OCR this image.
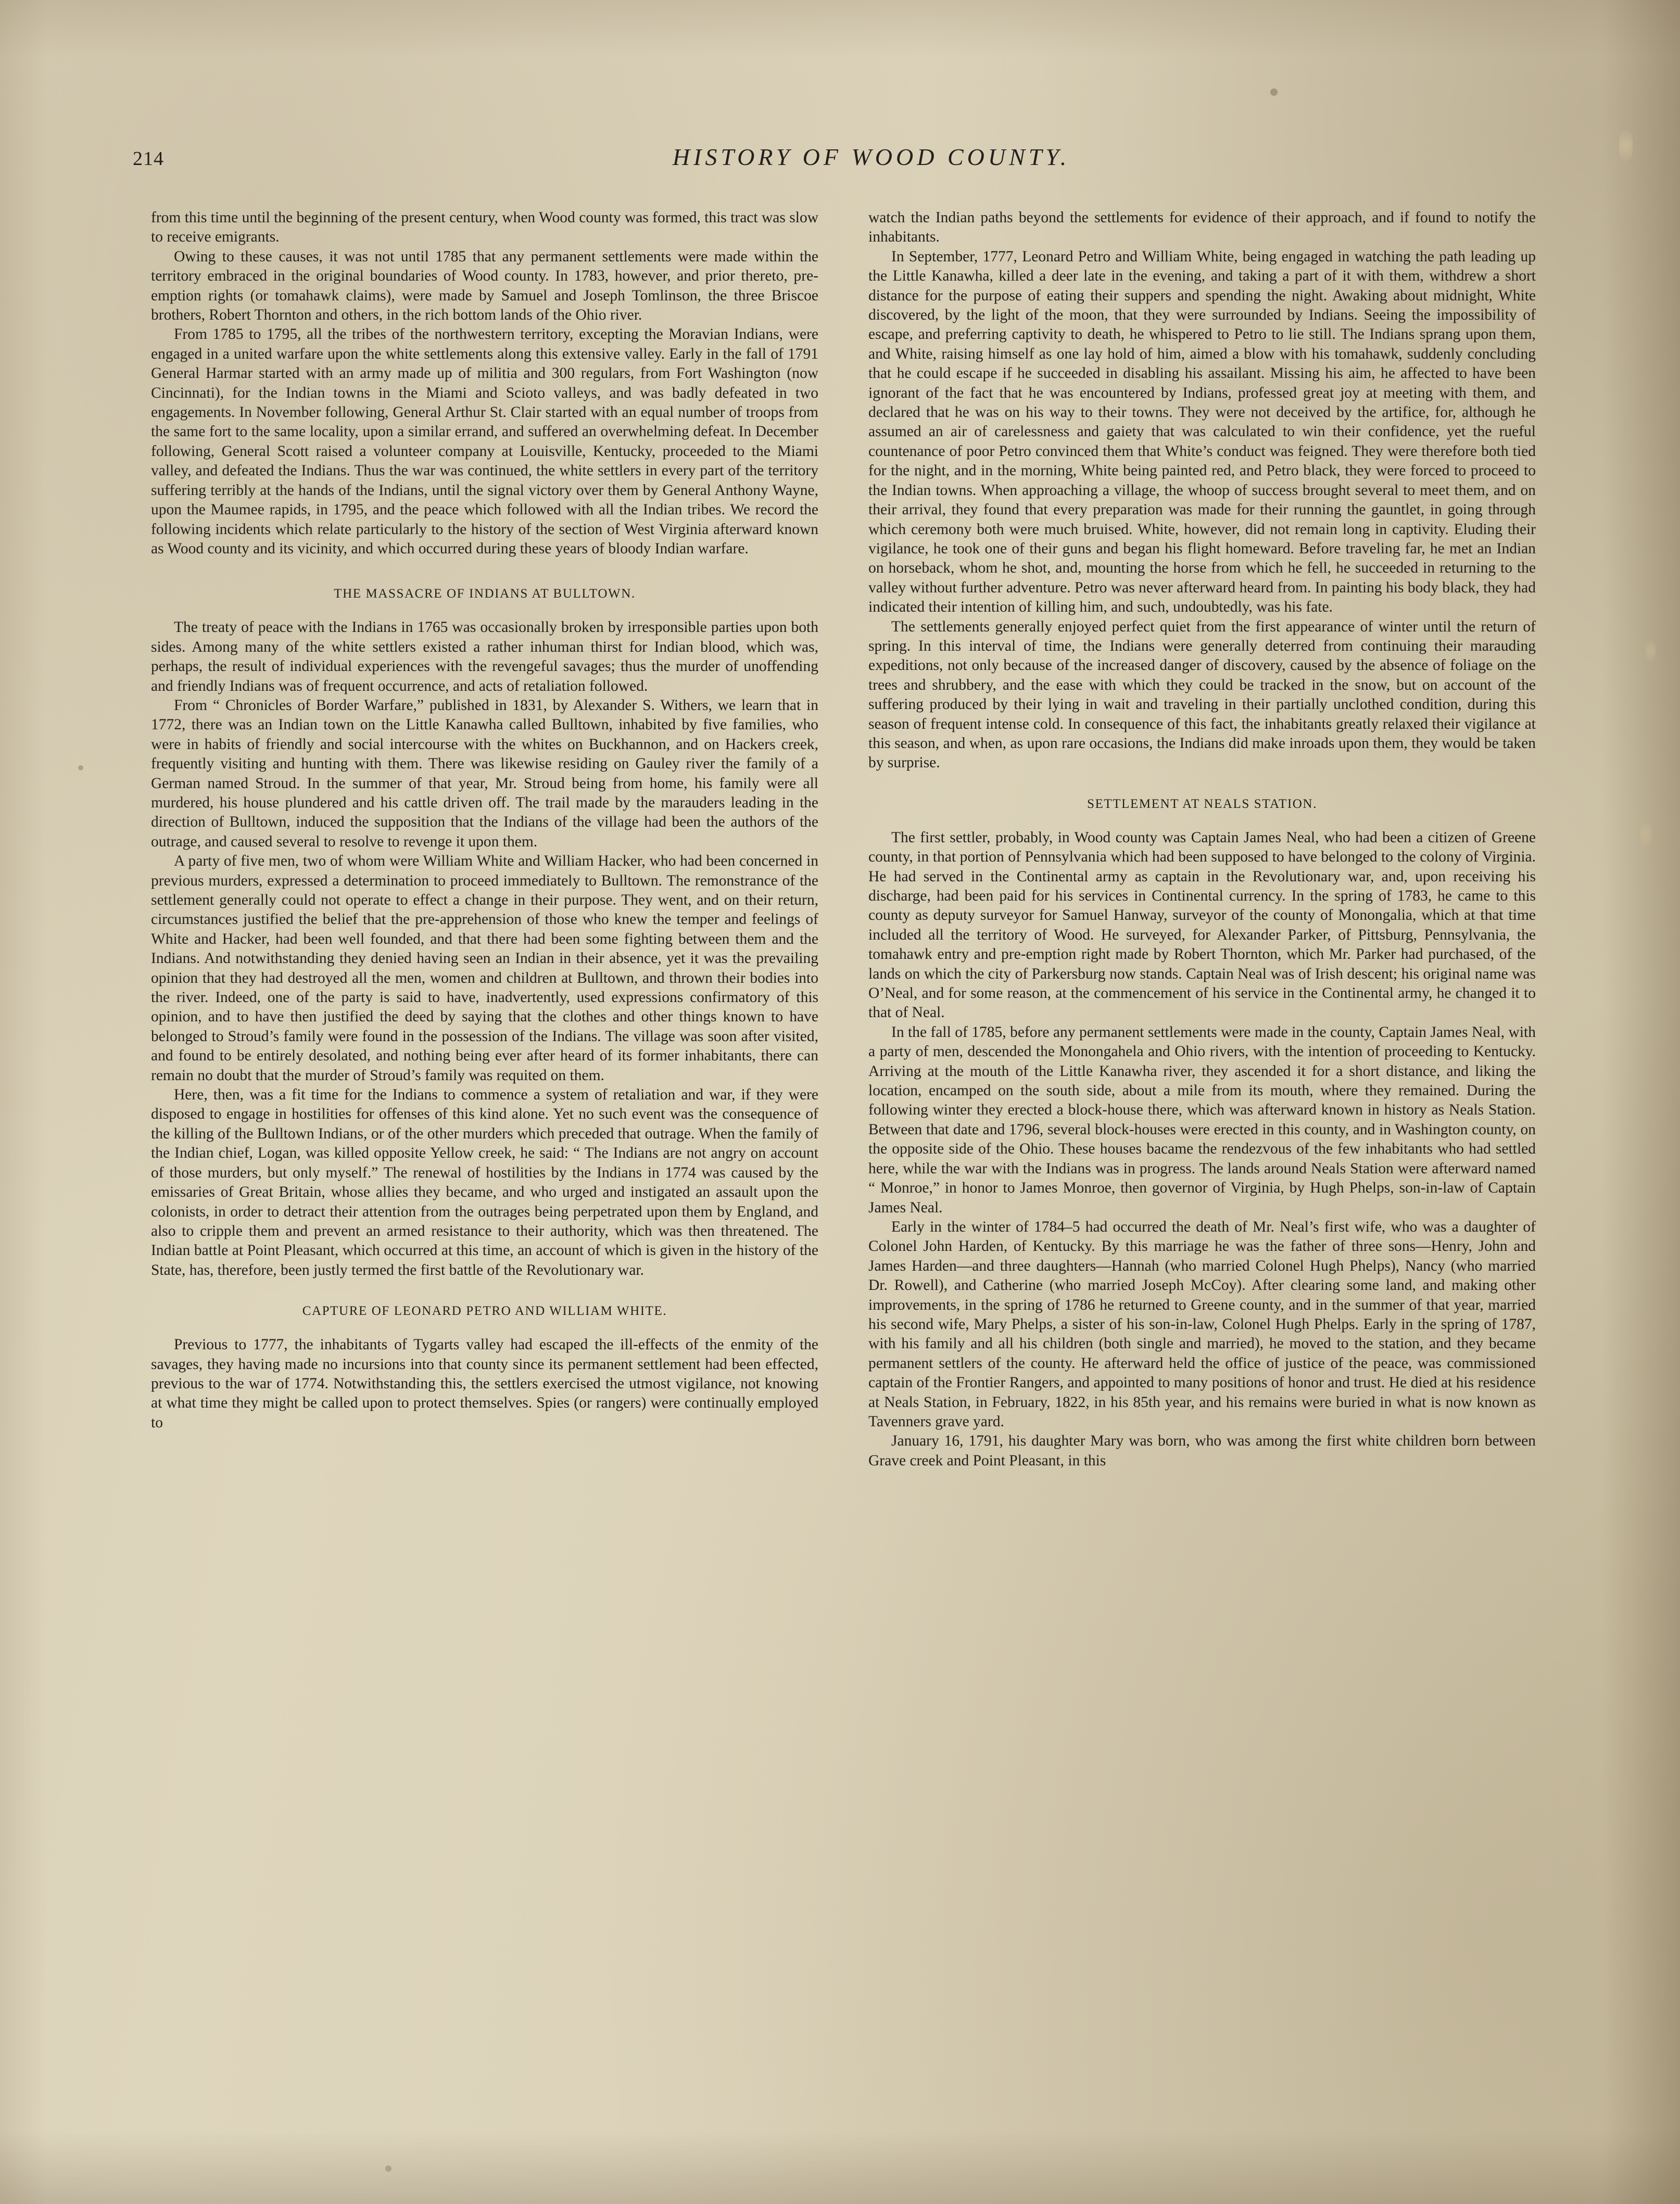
214	HISTORY OF WOOD COUNTY.

from this time until the beginning of the present century, when Wood county was formed, this tract was slow to receive emigrants.

Owing to these causes, it was not until 1785 that any permanent settlements were made within the territory embraced in the original boundaries of Wood county. In 1783, however, and prior thereto, pre-emption rights (or tomahawk claims), were made by Samuel and Joseph Tomlinson, the three Briscoe brothers, Robert Thornton and others, in the rich bottom lands of the Ohio river.

From 1785 to 1795, all the tribes of the northwestern territory, excepting the Moravian Indians, were engaged in a united warfare upon the white settlements along this extensive valley. Early in the fall of 1791 General Harmar started with an army made up of militia and 300 regulars, from Fort Washington (now Cincinnati), for the Indian towns in the Miami and Scioto valleys, and was badly defeated in two engagements. In November following, General Arthur St. Clair started with an equal number of troops from the same fort to the same locality, upon a similar errand, and suffered an overwhelming defeat. In December following, General Scott raised a volunteer company at Louisville, Kentucky, proceeded to the Miami valley, and defeated the Indians. Thus the war was continued, the white settlers in every part of the territory suffering terribly at the hands of the Indians, until the signal victory over them by General Anthony Wayne, upon the Maumee rapids, in 1795, and the peace which followed with all the Indian tribes. We record the following incidents which relate particularly to the history of the section of West Virginia afterward known as Wood county and its vicinity, and which occurred during these years of bloody Indian warfare.

THE MASSACRE OF INDIANS AT BULLTOWN.

The treaty of peace with the Indians in 1765 was occasionally broken by irresponsible parties upon both sides. Among many of the white settlers existed a rather inhuman thirst for Indian blood, which was, perhaps, the result of individual experiences with the revengeful savages; thus the murder of unoffending and friendly Indians was of frequent occurrence, and acts of retaliation followed.

From “ Chronicles of Border Warfare,” published in 1831, by Alexander S. Withers, we learn that in 1772, there was an Indian town on the Little Kanawha called Bulltown, inhabited by five families, who were in habits of friendly and social intercourse with the whites on Buckhannon, and on Hackers creek, frequently visiting and hunting with them. There was likewise residing on Gauley river the family of a German named Stroud. In the summer of that year, Mr. Stroud being from home, his family were all murdered, his house plundered and his cattle driven off. The trail made by the marauders leading in the direction of Bulltown, induced the supposition that the Indians of the village had been the authors of the outrage, and caused several to resolve to revenge it upon them.

A party of five men, two of whom were William White and William Hacker, who had been concerned in previous murders, expressed a determination to proceed immediately to Bulltown. The remonstrance of the settlement generally could not operate to effect a change in their purpose. They went, and on their return, circumstances justified the belief that the pre-apprehension of those who knew the temper and feelings of White and Hacker, had been well founded, and that there had been some fighting between them and the Indians. And notwithstanding they denied having seen an Indian in their absence, yet it was the prevailing opinion that they had destroyed all the men, women and children at Bulltown, and thrown their bodies into the river. Indeed, one of the party is said to have, inadvertently, used expressions confirmatory of this opinion, and to have then justified the deed by saying that the clothes and other things known to have belonged to Stroud’s family were found in the possession of the Indians. The village was soon after visited, and found to be entirely desolated, and nothing being ever after heard of its former inhabitants, there can remain no doubt that the murder of Stroud’s family was requited on them.

Here, then, was a fit time for the Indians to commence a system of retaliation and war, if they were disposed to engage in hostilities for offenses of this kind alone. Yet no such event was the consequence of the killing of the Bulltown Indians, or of the other murders which preceded that outrage. When the family of the Indian chief, Logan, was killed opposite Yellow creek, he said: “ The Indians are not angry on account of those murders, but only myself.” The renewal of hostilities by the Indians in 1774 was caused by the emissaries of Great Britain, whose allies they became, and who urged and instigated an assault upon the colonists, in order to detract their attention from the outrages being perpetrated upon them by England, and also to cripple them and prevent an armed resistance to their authority, which was then threatened. The Indian battle at Point Pleasant, which occurred at this time, an account of which is given in the history of the State, has, therefore, been justly termed the first battle of the Revolutionary war.

CAPTURE OF LEONARD PETRO AND WILLIAM WHITE.

Previous to 1777, the inhabitants of Tygarts valley had escaped the ill-effects of the enmity of the savages, they having made no incursions into that county since its permanent settlement had been effected, previous to the war of 1774. Notwithstanding this, the settlers exercised the utmost vigilance, not knowing at what time they might be called upon to protect themselves. Spies (or rangers) were continually employed to

watch the Indian paths beyond the settlements for evidence of their approach, and if found to notify the inhabitants.

In September, 1777, Leonard Petro and William White, being engaged in watching the path leading up the Little Kanawha, killed a deer late in the evening, and taking a part of it with them, withdrew a short distance for the purpose of eating their suppers and spending the night. Awaking about midnight, White discovered, by the light of the moon, that they were surrounded by Indians. Seeing the impossibility of escape, and preferring captivity to death, he whispered to Petro to lie still. The Indians sprang upon them, and White, raising himself as one lay hold of him, aimed a blow with his tomahawk, suddenly concluding that he could escape if he succeeded in disabling his assailant. Missing his aim, he affected to have been ignorant of the fact that he was encountered by Indians, professed great joy at meeting with them, and declared that he was on his way to their towns. They were not deceived by the artifice, for, although he assumed an air of carelessness and gaiety that was calculated to win their confidence, yet the rueful countenance of poor Petro convinced them that White’s conduct was feigned. They were therefore both tied for the night, and in the morning, White being painted red, and Petro black, they were forced to proceed to the Indian towns. When approaching a village, the whoop of success brought several to meet them, and on their arrival, they found that every preparation was made for their running the gauntlet, in going through which ceremony both were much bruised. White, however, did not remain long in captivity. Eluding their vigilance, he took one of their guns and began his flight homeward. Before traveling far, he met an Indian on horseback, whom he shot, and, mounting the horse from which he fell, he succeeded in returning to the valley without further adventure. Petro was never afterward heard from. In painting his body black, they had indicated their intention of killing him, and such, undoubtedly, was his fate.

The settlements generally enjoyed perfect quiet from the first appearance of winter until the return of spring. In this interval of time, the Indians were generally deterred from continuing their marauding expeditions, not only because of the increased danger of discovery, caused by the absence of foliage on the trees and shrubbery, and the ease with which they could be tracked in the snow, but on account of the suffering produced by their lying in wait and traveling in their partially unclothed condition, during this season of frequent intense cold. In consequence of this fact, the inhabitants greatly relaxed their vigilance at this season, and when, as upon rare occasions, the Indians did make inroads upon them, they would be taken by surprise.

SETTLEMENT AT NEALS STATION.

The first settler, probably, in Wood county was Captain James Neal, who had been a citizen of Greene county, in that portion of Pennsylvania which had been supposed to have belonged to the colony of Virginia. He had served in the Continental army as captain in the Revolutionary war, and, upon receiving his discharge, had been paid for his services in Continental currency. In the spring of 1783, he came to this county as deputy surveyor for Samuel Hanway, surveyor of the county of Monongalia, which at that time included all the territory of Wood. He surveyed, for Alexander Parker, of Pittsburg, Pennsylvania, the tomahawk entry and pre-emption right made by Robert Thornton, which Mr. Parker had purchased, of the lands on which the city of Parkersburg now stands. Captain Neal was of Irish descent; his original name was O’Neal, and for some reason, at the commencement of his service in the Continental army, he changed it to that of Neal.

In the fall of 1785, before any permanent settlements were made in the county, Captain James Neal, with a party of men, descended the Monongahela and Ohio rivers, with the intention of proceeding to Kentucky. Arriving at the mouth of the Little Kanawha river, they ascended it for a short distance, and liking the location, encamped on the south side, about a mile from its mouth, where they remained. During the following winter they erected a block-house there, which was afterward known in history as Neals Station. Between that date and 1796, several block-houses were erected in this county, and in Washington county, on the opposite side of the Ohio. These houses bacame the rendezvous of the few inhabitants who had settled here, while the war with the Indians was in progress. The lands around Neals Station were afterward named “ Monroe,” in honor to James Monroe, then governor of Virginia, by Hugh Phelps, son-in-law of Captain James Neal.

Early in the winter of 1784–5 had occurred the death of Mr. Neal’s first wife, who was a daughter of Colonel John Harden, of Kentucky. By this marriage he was the father of three sons—Henry, John and James Harden—and three daughters—Hannah (who married Colonel Hugh Phelps), Nancy (who married Dr. Rowell), and Catherine (who married Joseph McCoy). After clearing some land, and making other improvements, in the spring of 1786 he returned to Greene county, and in the summer of that year, married his second wife, Mary Phelps, a sister of his son-in-law, Colonel Hugh Phelps. Early in the spring of 1787, with his family and all his children (both single and married), he moved to the station, and they became permanent settlers of the county. He afterward held the office of justice of the peace, was commissioned captain of the Frontier Rangers, and appointed to many positions of honor and trust. He died at his residence at Neals Station, in February, 1822, in his 85th year, and his remains were buried in what is now known as Tavenners grave yard.

January 16, 1791, his daughter Mary was born, who was among the first white children born between Grave creek and Point Pleasant, in this
